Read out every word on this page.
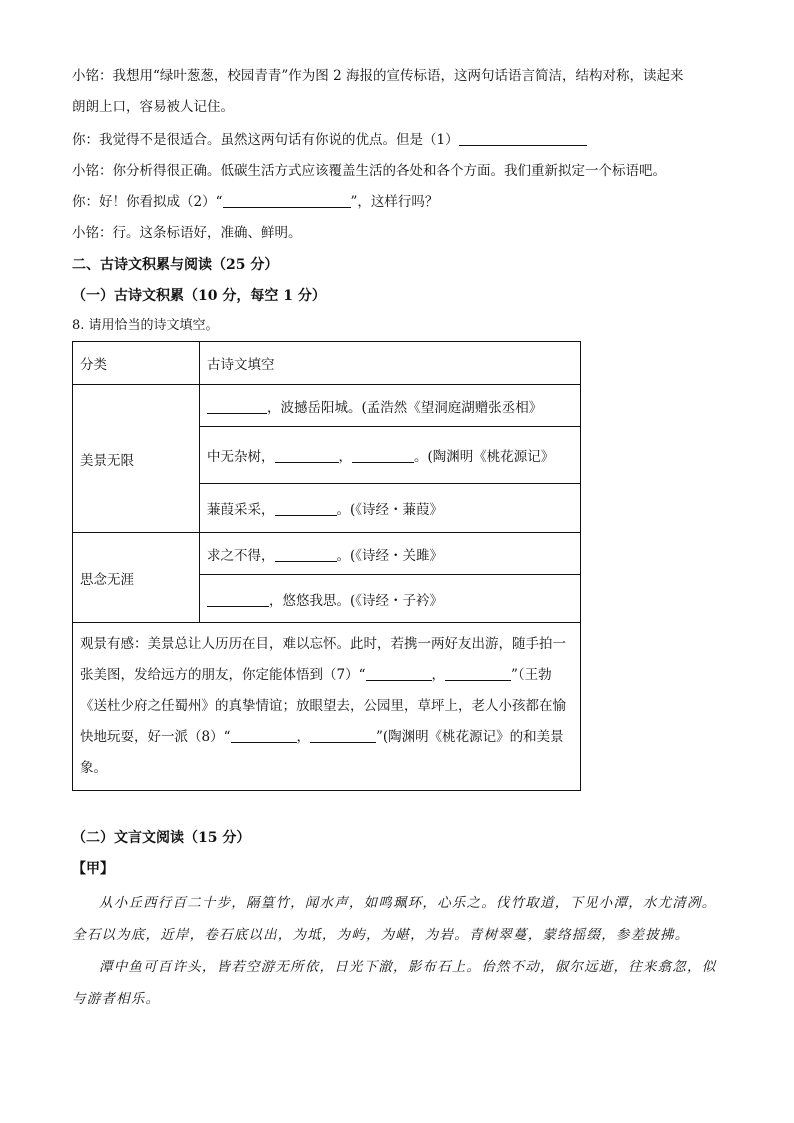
小铭：我想用“绿叶葱葱，校园青青”作为图 2 海报的宣传标语，这两句话语言简洁，结构对称，读起来
朗朗上口，容易被人记住。
你：我觉得不是很适合。虽然这两句话有你说的优点。但是（1）
小铭：你分析得很正确。低碳生活方式应该覆盖生活的各处和各个方面。我们重新拟定一个标语吧。
你：好！你看拟成（2）“	”，这样行吗？
小铭：行。这条标语好，准确、鲜明。
二、古诗文积累与阅读（25 分）
（一）古诗文积累（10 分，每空 1 分）
8. 请用恰当的诗文填空。
分类	古诗文填空
美景无限	，波撼岳阳城。(孟浩然《望洞庭湖赠张丞相》
	中无杂树， ， 。(陶渊明《桃花源记》
	蒹葭采采， 。(《诗经・蒹葭》
思念无涯	求之不得， 。(《诗经・关雎》
	，悠悠我思。(《诗经・子衿》
观景有感：美景总让人历历在目，难以忘怀。此时，若携一两好友出游，随手拍一张美图，发给远方的朋友，你定能体悟到（7）“ ， ”（王勃《送杜少府之任蜀州》的真挚情谊；放眼望去，公园里，草坪上，老人小孩都在愉快地玩耍，好一派（8）“ ， ”(陶渊明《桃花源记》的和美景象。	
（二）文言文阅读（15 分）
【甲】
从小丘西行百二十步，隔篁竹，闻水声，如鸣珮环，心乐之。伐竹取道，下见小潭，水尤清冽。全石以为底，近岸，卷石底以出，为坻，为屿，为嵁，为岩。青树翠蔓，蒙络摇缀，参差披拂。
潭中鱼可百许头，皆若空游无所依，日光下澈，影布石上。佁然不动，俶尔远逝，往来翕忽，似与游者相乐。
